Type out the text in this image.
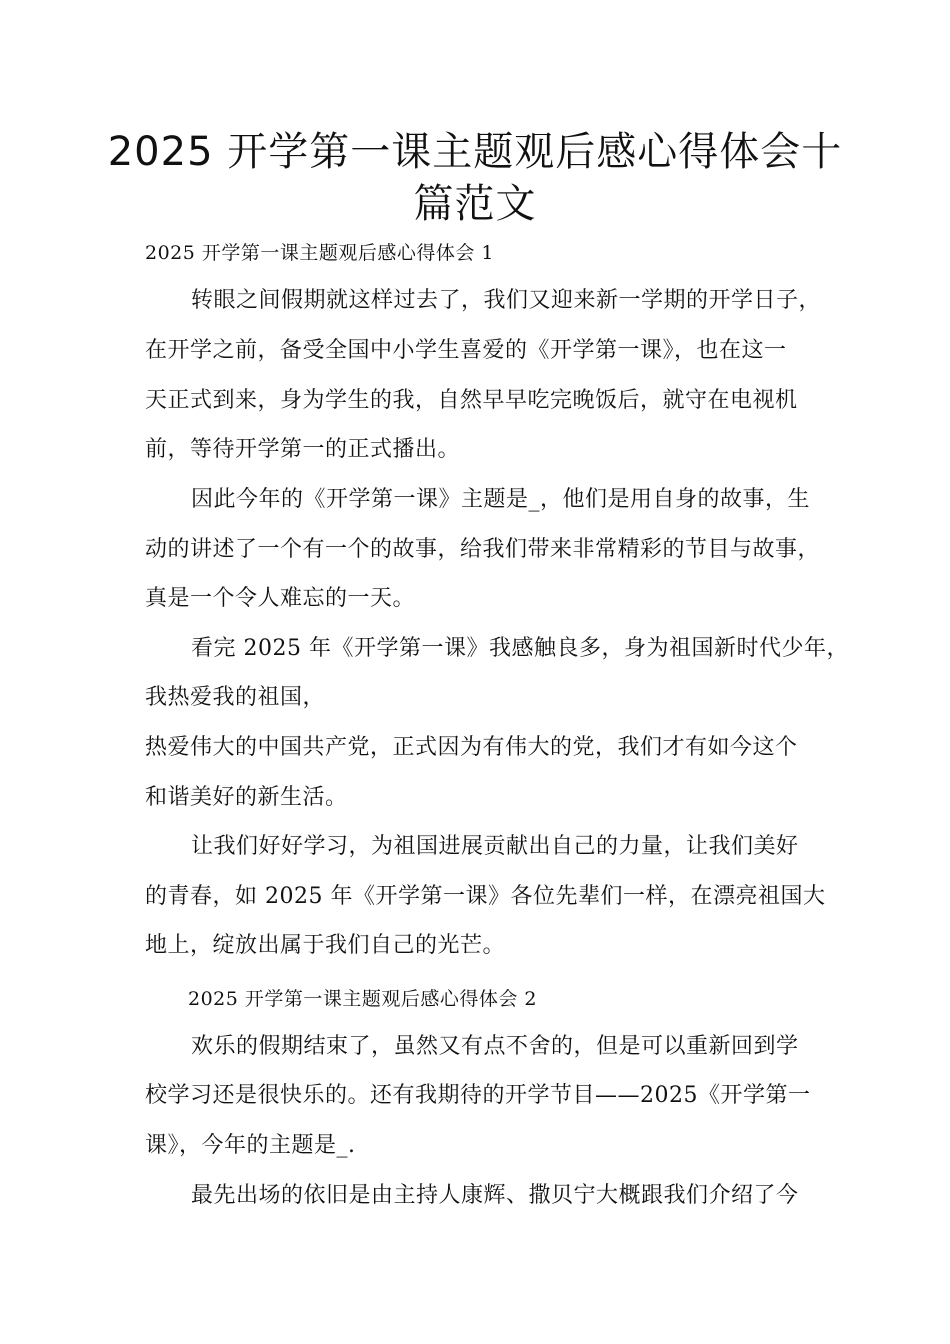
2025 开学第一课主题观后感心得体会十
篇范文
2025 开学第一课主题观后感心得体会 1
转眼之间假期就这样过去了，我们又迎来新一学期的开学日子，
在开学之前，备受全国中小学生喜爱的《开学第一课》，也在这一
天正式到来，身为学生的我，自然早早吃完晚饭后，就守在电视机
前，等待开学第一的正式播出。
因此今年的《开学第一课》主题是_，他们是用自身的故事，生
动的讲述了一个有一个的故事，给我们带来非常精彩的节目与故事，
真是一个令人难忘的一天。
看完 2025 年《开学第一课》我感触良多，身为祖国新时代少年，
我热爱我的祖国，
热爱伟大的中国共产党，正式因为有伟大的党，我们才有如今这个
和谐美好的新生活。
让我们好好学习，为祖国进展贡献出自己的力量，让我们美好
的青春，如 2025 年《开学第一课》各位先辈们一样，在漂亮祖国大
地上，绽放出属于我们自己的光芒。
2025 开学第一课主题观后感心得体会 2
欢乐的假期结束了，虽然又有点不舍的，但是可以重新回到学
校学习还是很快乐的。还有我期待的开学节目——2025《开学第一
课》，今年的主题是_.
最先出场的依旧是由主持人康辉、撒贝宁大概跟我们介绍了今
